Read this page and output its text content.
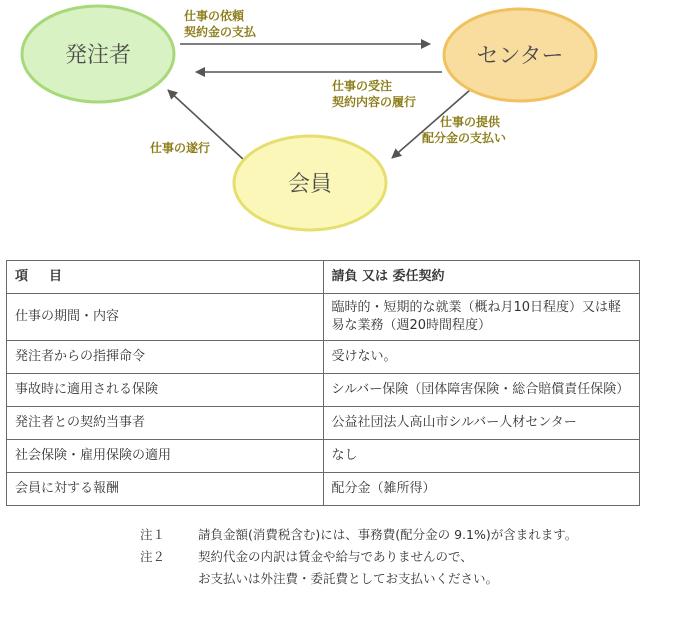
発注者	センター
会員
仕事の依頼
契約金の支払
仕事の受注
契約内容の履行
仕事の提供
配分金の支払い
仕事の遂行
項　目	請負 又は 委任契約
仕事の期間・内容	臨時的・短期的な就業（概ね月10日程度）又は軽易な業務（週20時間程度）
発注者からの指揮命令	受けない。
事故時に適用される保険	シルバー保険（団体障害保険・総合賠償責任保険）
発注者との契約当事者	公益社団法人高山市シルバー人材センター
社会保険・雇用保険の適用	なし
会員に対する報酬	配分金（雑所得）
注１	請負金額(消費税含む)には、事務費(配分金の 9.1%)が含まれます。
注２	契約代金の内訳は賃金や給与でありませんので、
お支払いは外注費・委託費としてお支払いください。
